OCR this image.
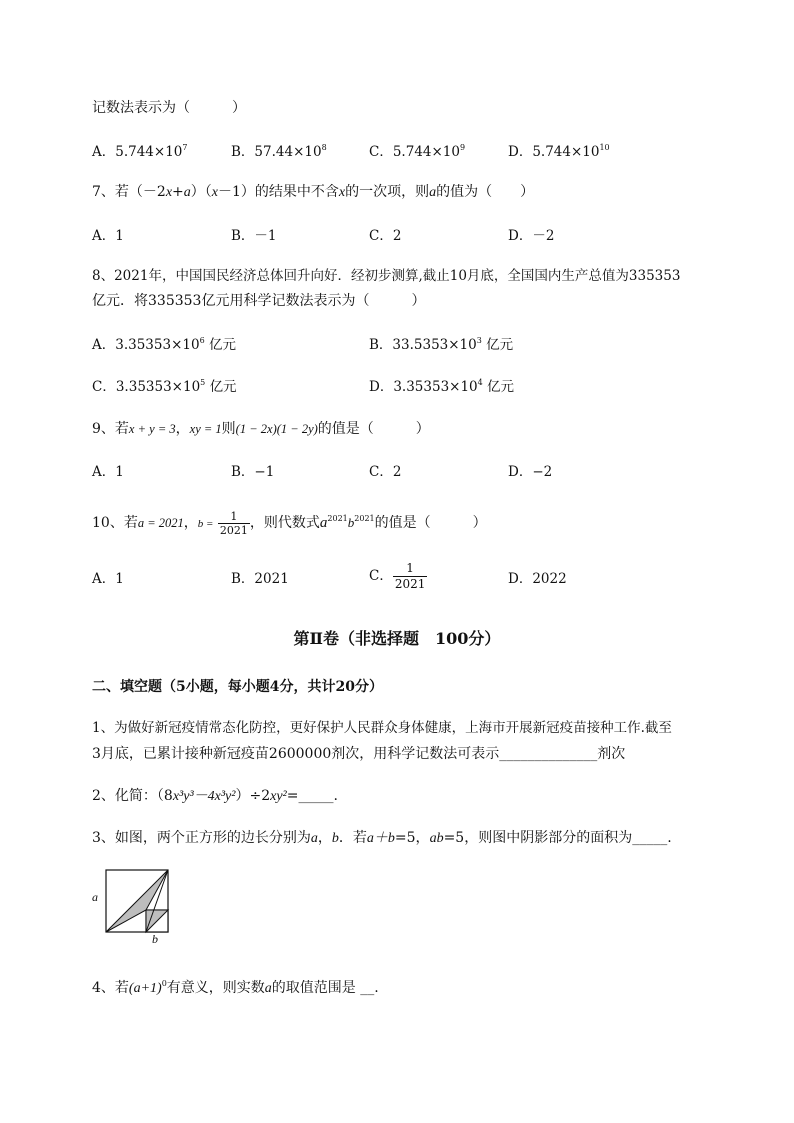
记数法表示为（　　　）
A．$5.744\times 10^7$	B．$57.44\times 10^8$	C．$5.744\times 10^9$	D．$5.744\times 10^{10}$
7、若（－2x+a）（x－1）的结果中不含x的一次项，则a的值为（　　）
A．1	B．－1	C．2	D．－2
8、2021年，中国国民经济总体回升向好．经初步测算,截止10月底，全国国内生产总值为335353
亿元．将335353亿元用科学记数法表示为（　　　）
A．$3.35353\times 10^6$ 亿元	B．$33.5353\times 10^3$ 亿元
C．$3.35353\times 10^5$ 亿元	D．$3.35353\times 10^4$ 亿元
9、若x + y = 3，xy = 1则(1 − 2x)(1 − 2y)的值是（　　　）
A．1	B．−1	C．2	D．−2
10、若a = 2021，$b = \frac{1}{2021}$ ，则代数式$a^{2021}b^{2021}$的值是（　　　）
A．1	B．2021	C． $\frac{1}{2021}$	D．2022
第Ⅱ卷（非选择题　100分）
二、填空题（5小题，每小题4分，共计20分）
1、为做好新冠疫情常态化防控，更好保护人民群众身体健康，上海市开展新冠疫苗接种工作.截至
3月底，已累计接种新冠疫苗2600000剂次，用科学记数法可表示______________剂次
2、化简：（8x³y³－4x³y²）÷2xy²=_____.
3、如图，两个正方形的边长分别为a，b．若a＋b=5，ab=5，则图中阴影部分的面积为_____.
a
b
4、若$(a+1)^0$有意义，则实数a的取值范围是 __.
